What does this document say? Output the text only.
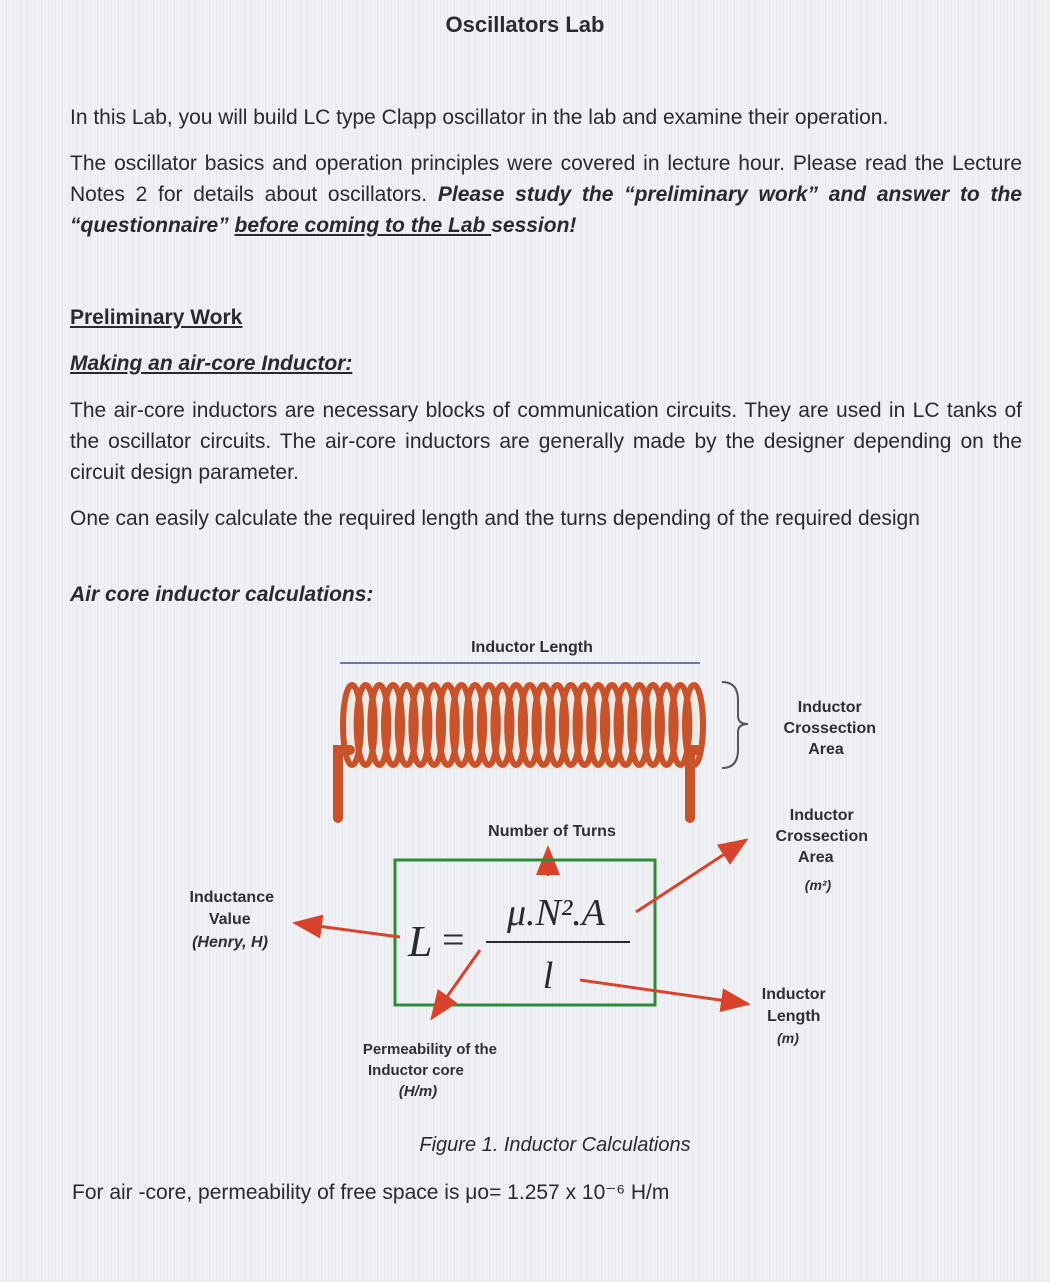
Oscillators Lab
In this Lab, you will build LC type Clapp oscillator in the lab and examine their operation.
The oscillator basics and operation principles were covered in lecture hour. Please read the Lecture Notes 2 for details about oscillators. Please study the “preliminary work” and answer to the “questionnaire” before coming to the Lab session!
Preliminary Work
Making an air-core Inductor:
The air-core inductors are necessary blocks of communication circuits. They are used in LC tanks of the oscillator circuits. The air-core inductors are generally made by the designer depending on the circuit design parameter.
One can easily calculate the required length and the turns depending of the required design
Air core inductor calculations:
Inductor Length
Inductor Crossection Area
Number of Turns
L =
μ.N².A
l
Inductor Crossection Area (m²)
Inductance Value (Henry, H)
Inductor Length (m)
Permeability of the Inductor core (H/m)
Figure 1. Inductor Calculations
For air -core, permeability of free space is μo= 1.257 x 10⁻⁶ H/m
